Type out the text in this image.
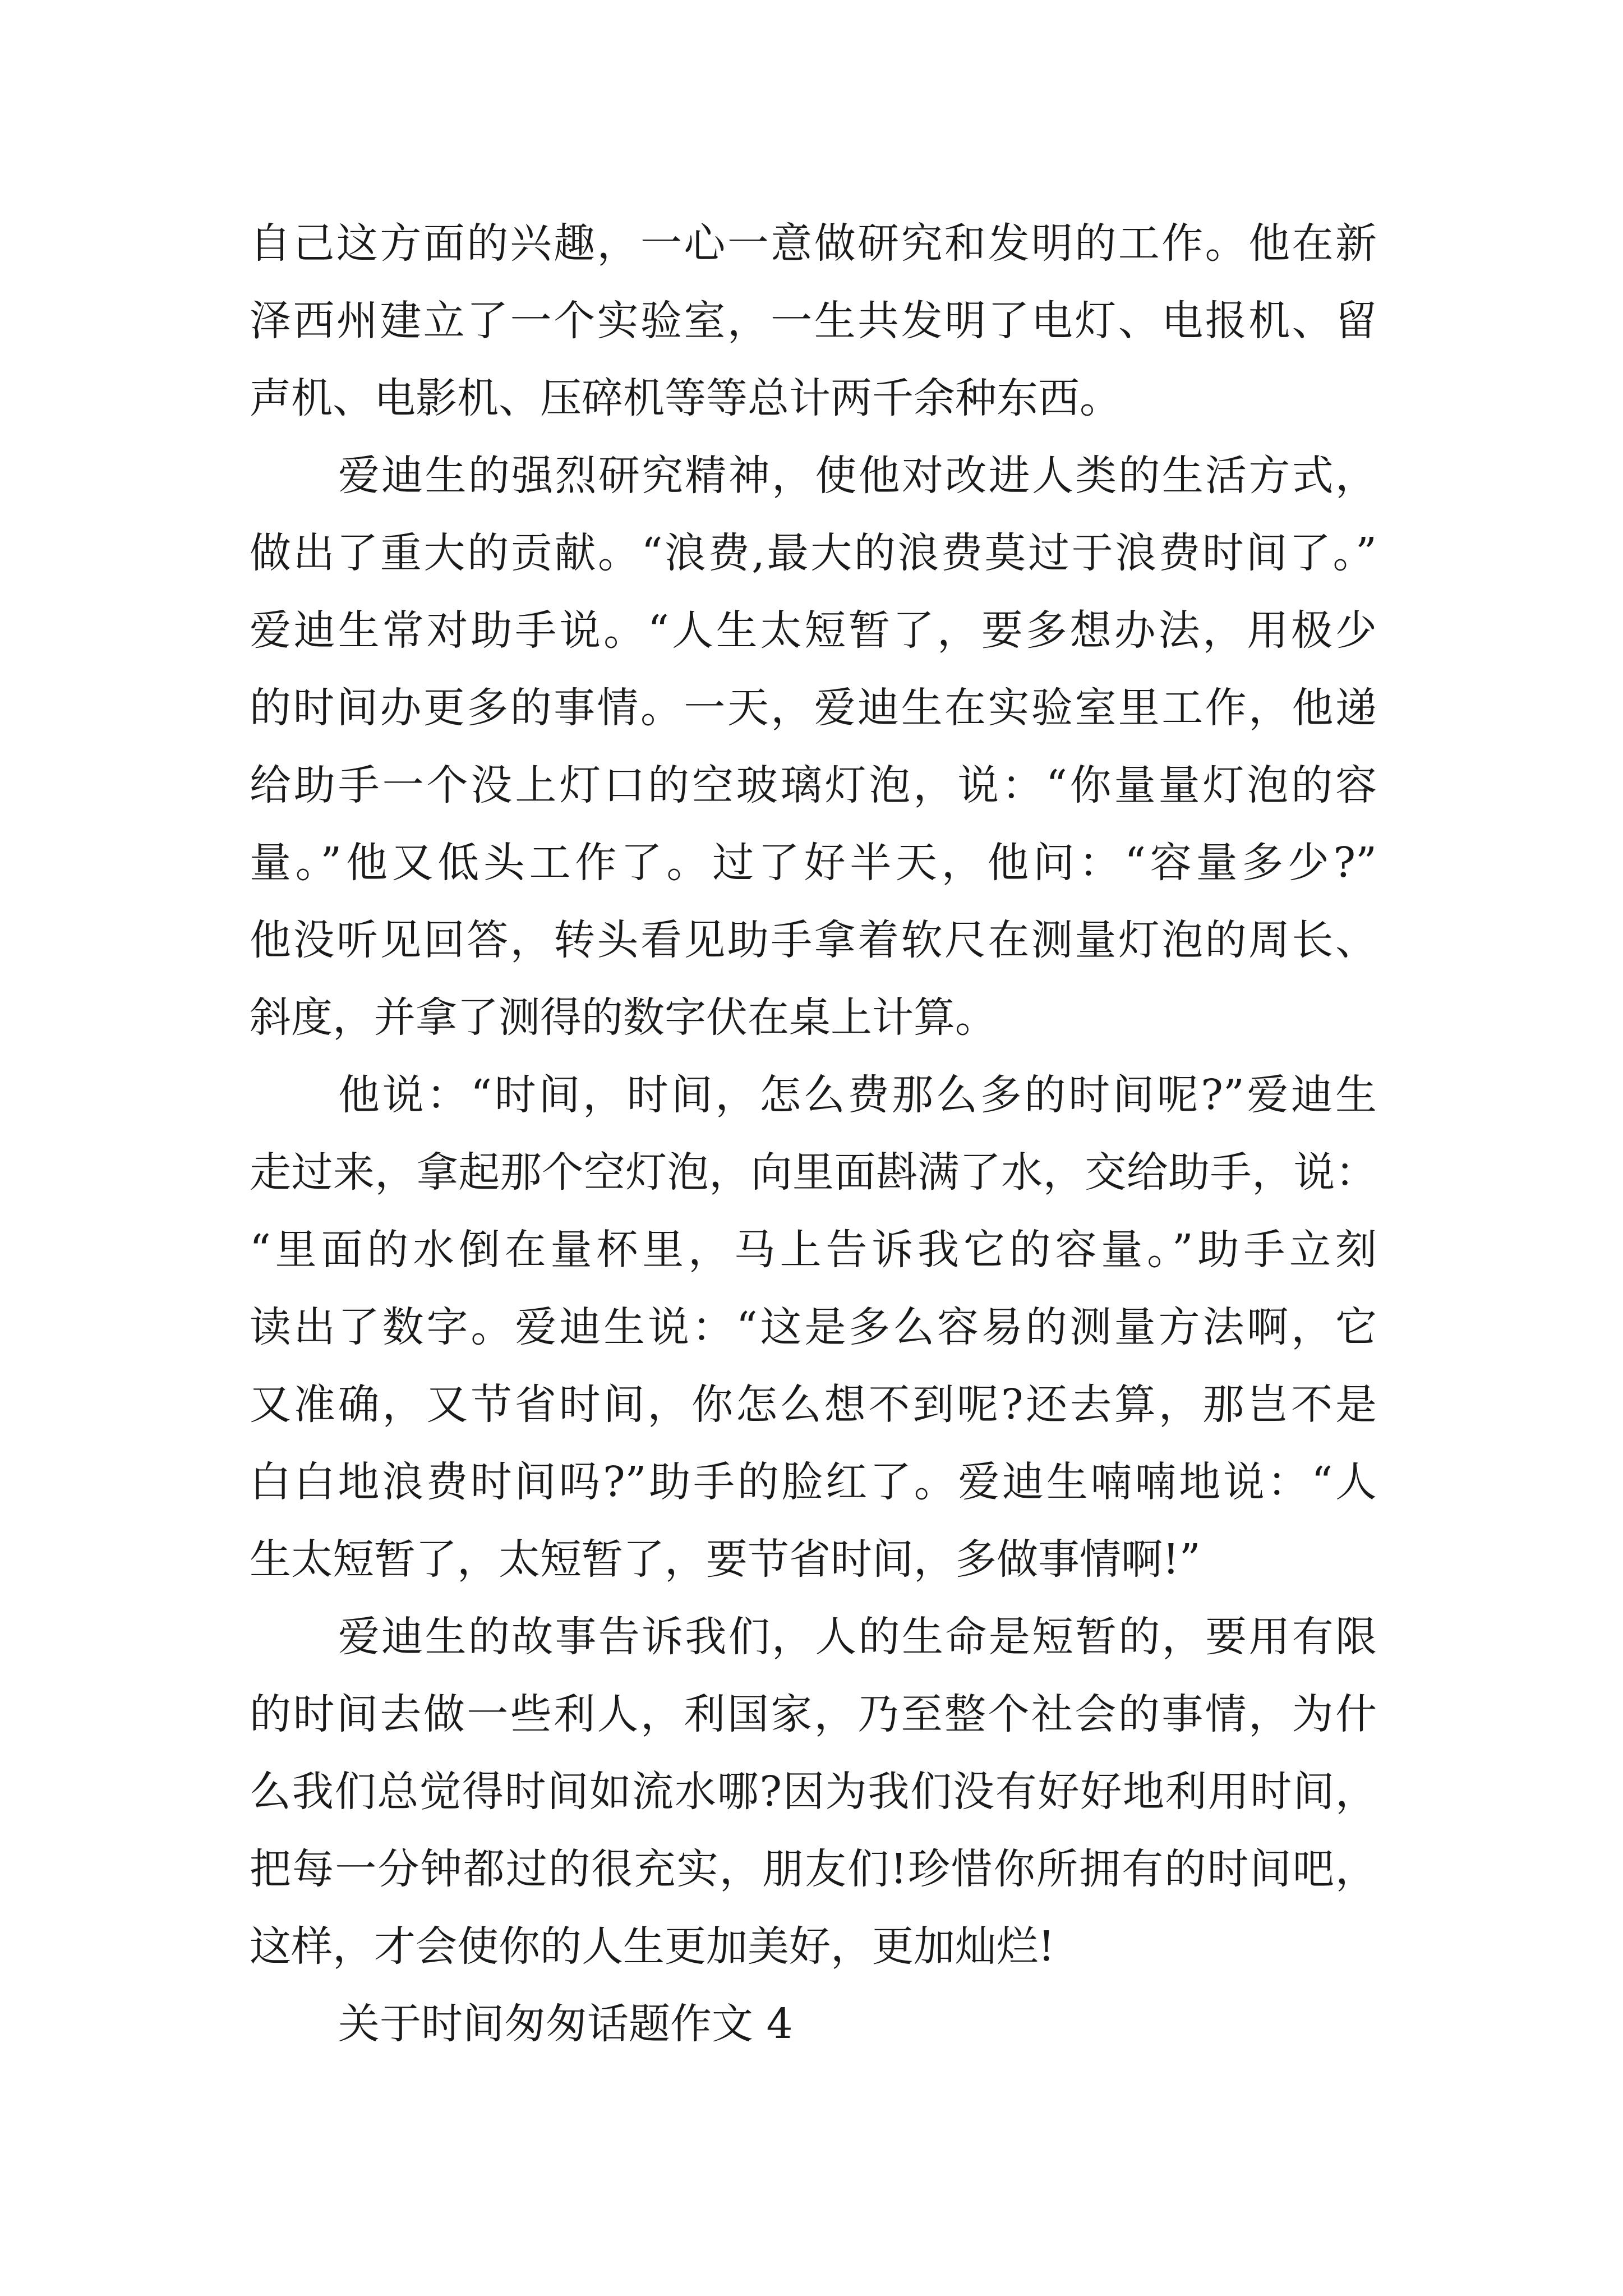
自己这方面的兴趣，一心一意做研究和发明的工作。他在新
泽西州建立了一个实验室，一生共发明了电灯、电报机、留
声机、电影机、压碎机等等总计两千余种东西。
爱迪生的强烈研究精神，使他对改进人类的生活方式，
做出了重大的贡献。“浪费,最大的浪费莫过于浪费时间了。”
爱迪生常对助手说。“人生太短暂了，要多想办法，用极少
的时间办更多的事情。一天，爱迪生在实验室里工作，他递
给助手一个没上灯口的空玻璃灯泡，说：“你量量灯泡的容
量。”他又低头工作了。过了好半天，他问：“容量多少?”
他没听见回答，转头看见助手拿着软尺在测量灯泡的周长、
斜度，并拿了测得的数字伏在桌上计算。
他说：“时间，时间，怎么费那么多的时间呢?”爱迪生
走过来，拿起那个空灯泡，向里面斟满了水，交给助手，说：
“里面的水倒在量杯里，马上告诉我它的容量。”助手立刻
读出了数字。爱迪生说：“这是多么容易的测量方法啊，它
又准确，又节省时间，你怎么想不到呢?还去算，那岂不是
白白地浪费时间吗?”助手的脸红了。爱迪生喃喃地说：“人
生太短暂了，太短暂了，要节省时间，多做事情啊!”
爱迪生的故事告诉我们，人的生命是短暂的，要用有限
的时间去做一些利人，利国家，乃至整个社会的事情，为什
么我们总觉得时间如流水哪?因为我们没有好好地利用时间，
把每一分钟都过的很充实，朋友们!珍惜你所拥有的时间吧，
这样，才会使你的人生更加美好，更加灿烂!
关于时间匆匆话题作文 4
